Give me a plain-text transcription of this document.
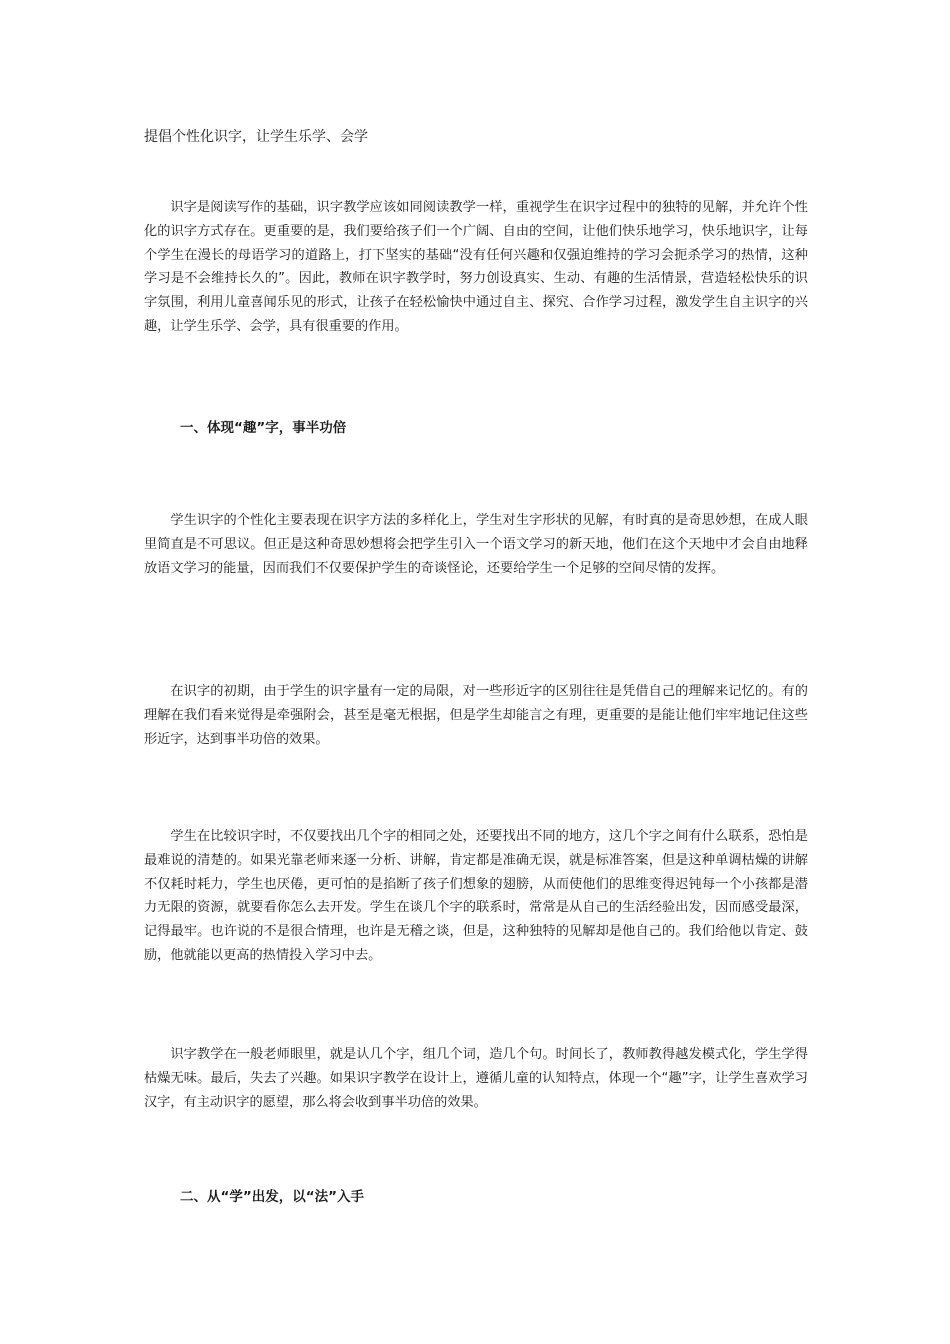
提倡个性化识字，让学生乐学、会学

识字是阅读写作的基础，识字教学应该如同阅读教学一样，重视学生在识字过程中的独特的见解，并允许个性化的识字方式存在。更重要的是，我们要给孩子们一个广阔、自由的空间，让他们快乐地学习，快乐地识字，让每个学生在漫长的母语学习的道路上，打下坚实的基础“没有任何兴趣和仅强迫维持的学习会扼杀学习的热情，这种学习是不会维持长久的”。因此，教师在识字教学时，努力创设真实、生动、有趣的生活情景，营造轻松快乐的识字氛围，利用儿童喜闻乐见的形式，让孩子在轻松愉快中通过自主、探究、合作学习过程，激发学生自主识字的兴趣，让学生乐学、会学，具有很重要的作用。

一、体现“趣”字，事半功倍

学生识字的个性化主要表现在识字方法的多样化上，学生对生字形状的见解，有时真的是奇思妙想，在成人眼里简直是不可思议。但正是这种奇思妙想将会把学生引入一个语文学习的新天地，他们在这个天地中才会自由地释放语文学习的能量，因而我们不仅要保护学生的奇谈怪论，还要给学生一个足够的空间尽情的发挥。

在识字的初期，由于学生的识字量有一定的局限，对一些形近字的区别往往是凭借自己的理解来记忆的。有的理解在我们看来觉得是牵强附会，甚至是毫无根据，但是学生却能言之有理，更重要的是能让他们牢牢地记住这些形近字，达到事半功倍的效果。

学生在比较识字时，不仅要找出几个字的相同之处，还要找出不同的地方，这几个字之间有什么联系，恐怕是最难说的清楚的。如果光靠老师来逐一分析、讲解，肯定都是准确无误，就是标准答案，但是这种单调枯燥的讲解不仅耗时耗力，学生也厌倦，更可怕的是掐断了孩子们想象的翅膀，从而使他们的思维变得迟钝每一个小孩都是潜力无限的资源，就要看你怎么去开发。学生在谈几个字的联系时，常常是从自己的生活经验出发，因而感受最深，记得最牢。也许说的不是很合情理，也许是无稽之谈，但是，这种独特的见解却是他自己的。我们给他以肯定、鼓励，他就能以更高的热情投入学习中去。

识字教学在一般老师眼里，就是认几个字，组几个词，造几个句。时间长了，教师教得越发模式化，学生学得枯燥无味。最后，失去了兴趣。如果识字教学在设计上，遵循儿童的认知特点，体现一个“趣”字，让学生喜欢学习汉字，有主动识字的愿望，那么将会收到事半功倍的效果。

二、从“学”出发，以“法”入手
